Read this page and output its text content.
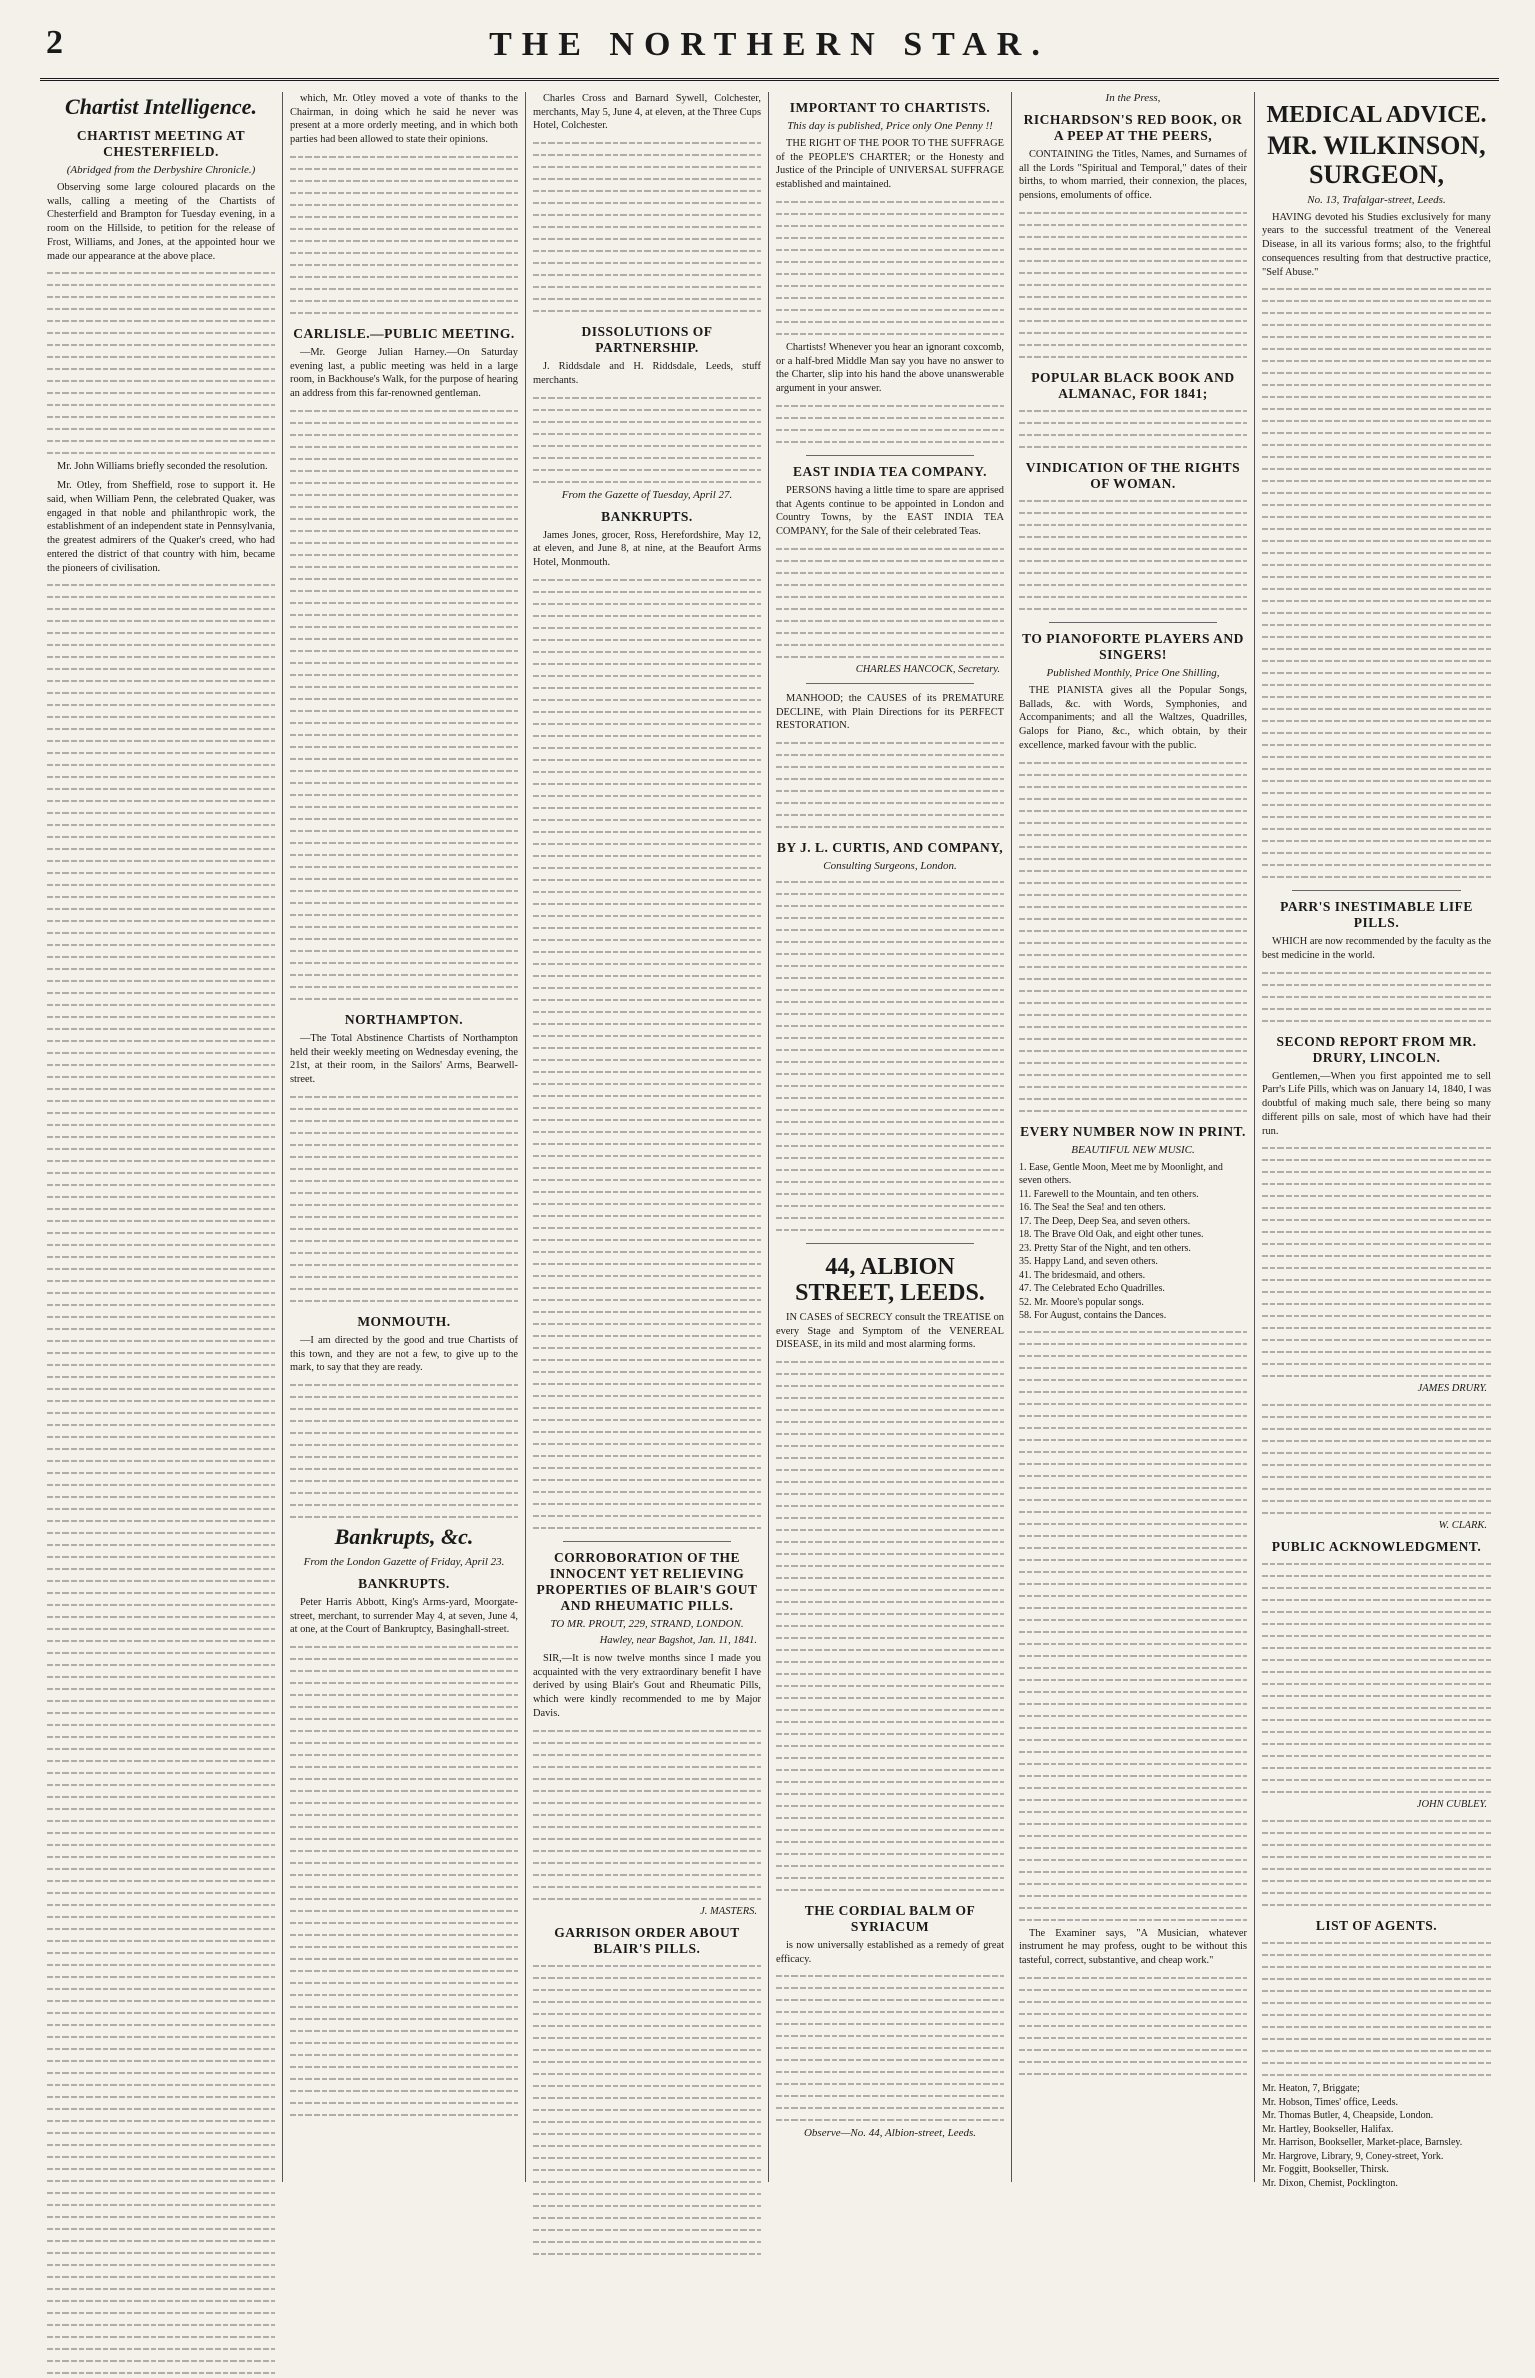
2	THE NORTHERN STAR.
Chartist Intelligence.
CHARTIST MEETING AT CHESTERFIELD.
(Abridged from the Derbyshire Chronicle.)

Observing some large coloured placards on the walls, calling a meeting of the Chartists of Chesterfield and Brampton for Tuesday evening, in a room on the Hillside, to petition for the release of Frost, Williams, and Jones, at the appointed hour we made our appearance at the above place.

Mr. John Williams briefly seconded the resolution.

Mr. Otley, from Sheffield, rose to support it. He said, when William Penn, the celebrated Quaker, was engaged in that noble and philanthropic work, the establishment of an independent state in Pennsylvania, the greatest admirers of the Quaker's creed, who had entered the district of that country with him, became the pioneers of civilisation.

which, Mr. Otley moved a vote of thanks to the Chairman, in doing which he said he never was present at a more orderly meeting, and in which both parties had been allowed to state their opinions.

CARLISLE.—PUBLIC MEETING.

—Mr. George Julian Harney.—On Saturday evening last, a public meeting was held in a large room, in Backhouse's Walk, for the purpose of hearing an address from this far-renowned gentleman.

NORTHAMPTON.

—The Total Abstinence Chartists of Northampton held their weekly meeting on Wednesday evening, the 21st, at their room, in the Sailors' Arms, Bearwell-street.

MONMOUTH.

—I am directed by the good and true Chartists of this town, and they are not a few, to give up to the mark, to say that they are ready.

Bankrupts, &c.
From the London Gazette of Friday, April 23.
BANKRUPTS.

Peter Harris Abbott, King's Arms-yard, Moorgate-street, merchant, to surrender May 4, at seven, June 4, at one, at the Court of Bankruptcy, Basinghall-street.

Charles Cross and Barnard Sywell, Colchester, merchants, May 5, June 4, at eleven, at the Three Cups Hotel, Colchester.

DISSOLUTIONS OF PARTNERSHIP.

J. Riddsdale and H. Riddsdale, Leeds, stuff merchants.

From the Gazette of Tuesday, April 27.
BANKRUPTS.

James Jones, grocer, Ross, Herefordshire, May 12, at eleven, and June 8, at nine, at the Beaufort Arms Hotel, Monmouth.

CORROBORATION OF THE INNOCENT YET RELIEVING PROPERTIES OF BLAIR'S GOUT AND RHEUMATIC PILLS.
TO MR. PROUT, 229, STRAND, LONDON.
Hawley, near Bagshot, Jan. 11, 1841.

SIR,—It is now twelve months since I made you acquainted with the very extraordinary benefit I have derived by using Blair's Gout and Rheumatic Pills, which were kindly recommended to me by Major Davis.

J. MASTERS.
GARRISON ORDER ABOUT BLAIR'S PILLS.
IMPORTANT TO CHARTISTS.
This day is published, Price only One Penny !!

THE RIGHT OF THE POOR TO THE SUFFRAGE of the PEOPLE'S CHARTER; or the Honesty and Justice of the Principle of UNIVERSAL SUFFRAGE established and maintained.

Chartists! Whenever you hear an ignorant coxcomb, or a half-bred Middle Man say you have no answer to the Charter, slip into his hand the above unanswerable argument in your answer.

EAST INDIA TEA COMPANY.

PERSONS having a little time to spare are apprised that Agents continue to be appointed in London and Country Towns, by the EAST INDIA TEA COMPANY, for the Sale of their celebrated Teas.

CHARLES HANCOCK, Secretary.

MANHOOD; the CAUSES of its PREMATURE DECLINE, with Plain Directions for its PERFECT RESTORATION.

BY J. L. CURTIS, AND COMPANY,
Consulting Surgeons, London.
44, ALBION STREET, LEEDS.

IN CASES of SECRECY consult the TREATISE on every Stage and Symptom of the VENEREAL DISEASE, in its mild and most alarming forms.

THE CORDIAL BALM OF SYRIACUM

is now universally established as a remedy of great efficacy.

Observe—No. 44, Albion-street, Leeds.
In the Press,
RICHARDSON'S RED BOOK, OR A PEEP AT THE PEERS,

CONTAINING the Titles, Names, and Surnames of all the Lords "Spiritual and Temporal," dates of their births, to whom married, their connexion, the places, pensions, emoluments of office.

POPULAR BLACK BOOK AND ALMANAC, FOR 1841;
VINDICATION OF THE RIGHTS OF WOMAN.
TO PIANOFORTE PLAYERS AND SINGERS!
Published Monthly, Price One Shilling,

THE PIANISTA gives all the Popular Songs, Ballads, &c. with Words, Symphonies, and Accompaniments; and all the Waltzes, Quadrilles, Galops for Piano, &c., which obtain, by their excellence, marked favour with the public.

EVERY NUMBER NOW IN PRINT.
BEAUTIFUL NEW MUSIC.
1. Ease, Gentle Moon, Meet me by Moonlight, and seven others.
11. Farewell to the Mountain, and ten others.
16. The Sea! the Sea! and ten others.
17. The Deep, Deep Sea, and seven others.
18. The Brave Old Oak, and eight other tunes.
23. Pretty Star of the Night, and ten others.
35. Happy Land, and seven others.
41. The bridesmaid, and others.
47. The Celebrated Echo Quadrilles.
52. Mr. Moore's popular songs.
58. For August, contains the Dances.

The Examiner says, "A Musician, whatever instrument he may profess, ought to be without this tasteful, correct, substantive, and cheap work."

MEDICAL ADVICE.
MR. WILKINSON, SURGEON,
No. 13, Trafalgar-street, Leeds.

HAVING devoted his Studies exclusively for many years to the successful treatment of the Venereal Disease, in all its various forms; also, to the frightful consequences resulting from that destructive practice, "Self Abuse."

PARR'S INESTIMABLE LIFE PILLS.

WHICH are now recommended by the faculty as the best medicine in the world.

SECOND REPORT FROM MR. DRURY, LINCOLN.

Gentlemen,—When you first appointed me to sell Parr's Life Pills, which was on January 14, 1840, I was doubtful of making much sale, there being so many different pills on sale, most of which have had their run.

JAMES DRURY.
W. CLARK.
PUBLIC ACKNOWLEDGMENT.
JOHN CUBLEY.
LIST OF AGENTS.
Mr. Heaton, 7, Briggate;
Mr. Hobson, Times' office, Leeds.
Mr. Thomas Butler, 4, Cheapside, London.
Mr. Hartley, Bookseller, Halifax.
Mr. Harrison, Bookseller, Market-place, Barnsley.
Mr. Hargrove, Library, 9, Coney-street, York.
Mr. Foggitt, Bookseller, Thirsk.
Mr. Dixon, Chemist, Pocklington.
